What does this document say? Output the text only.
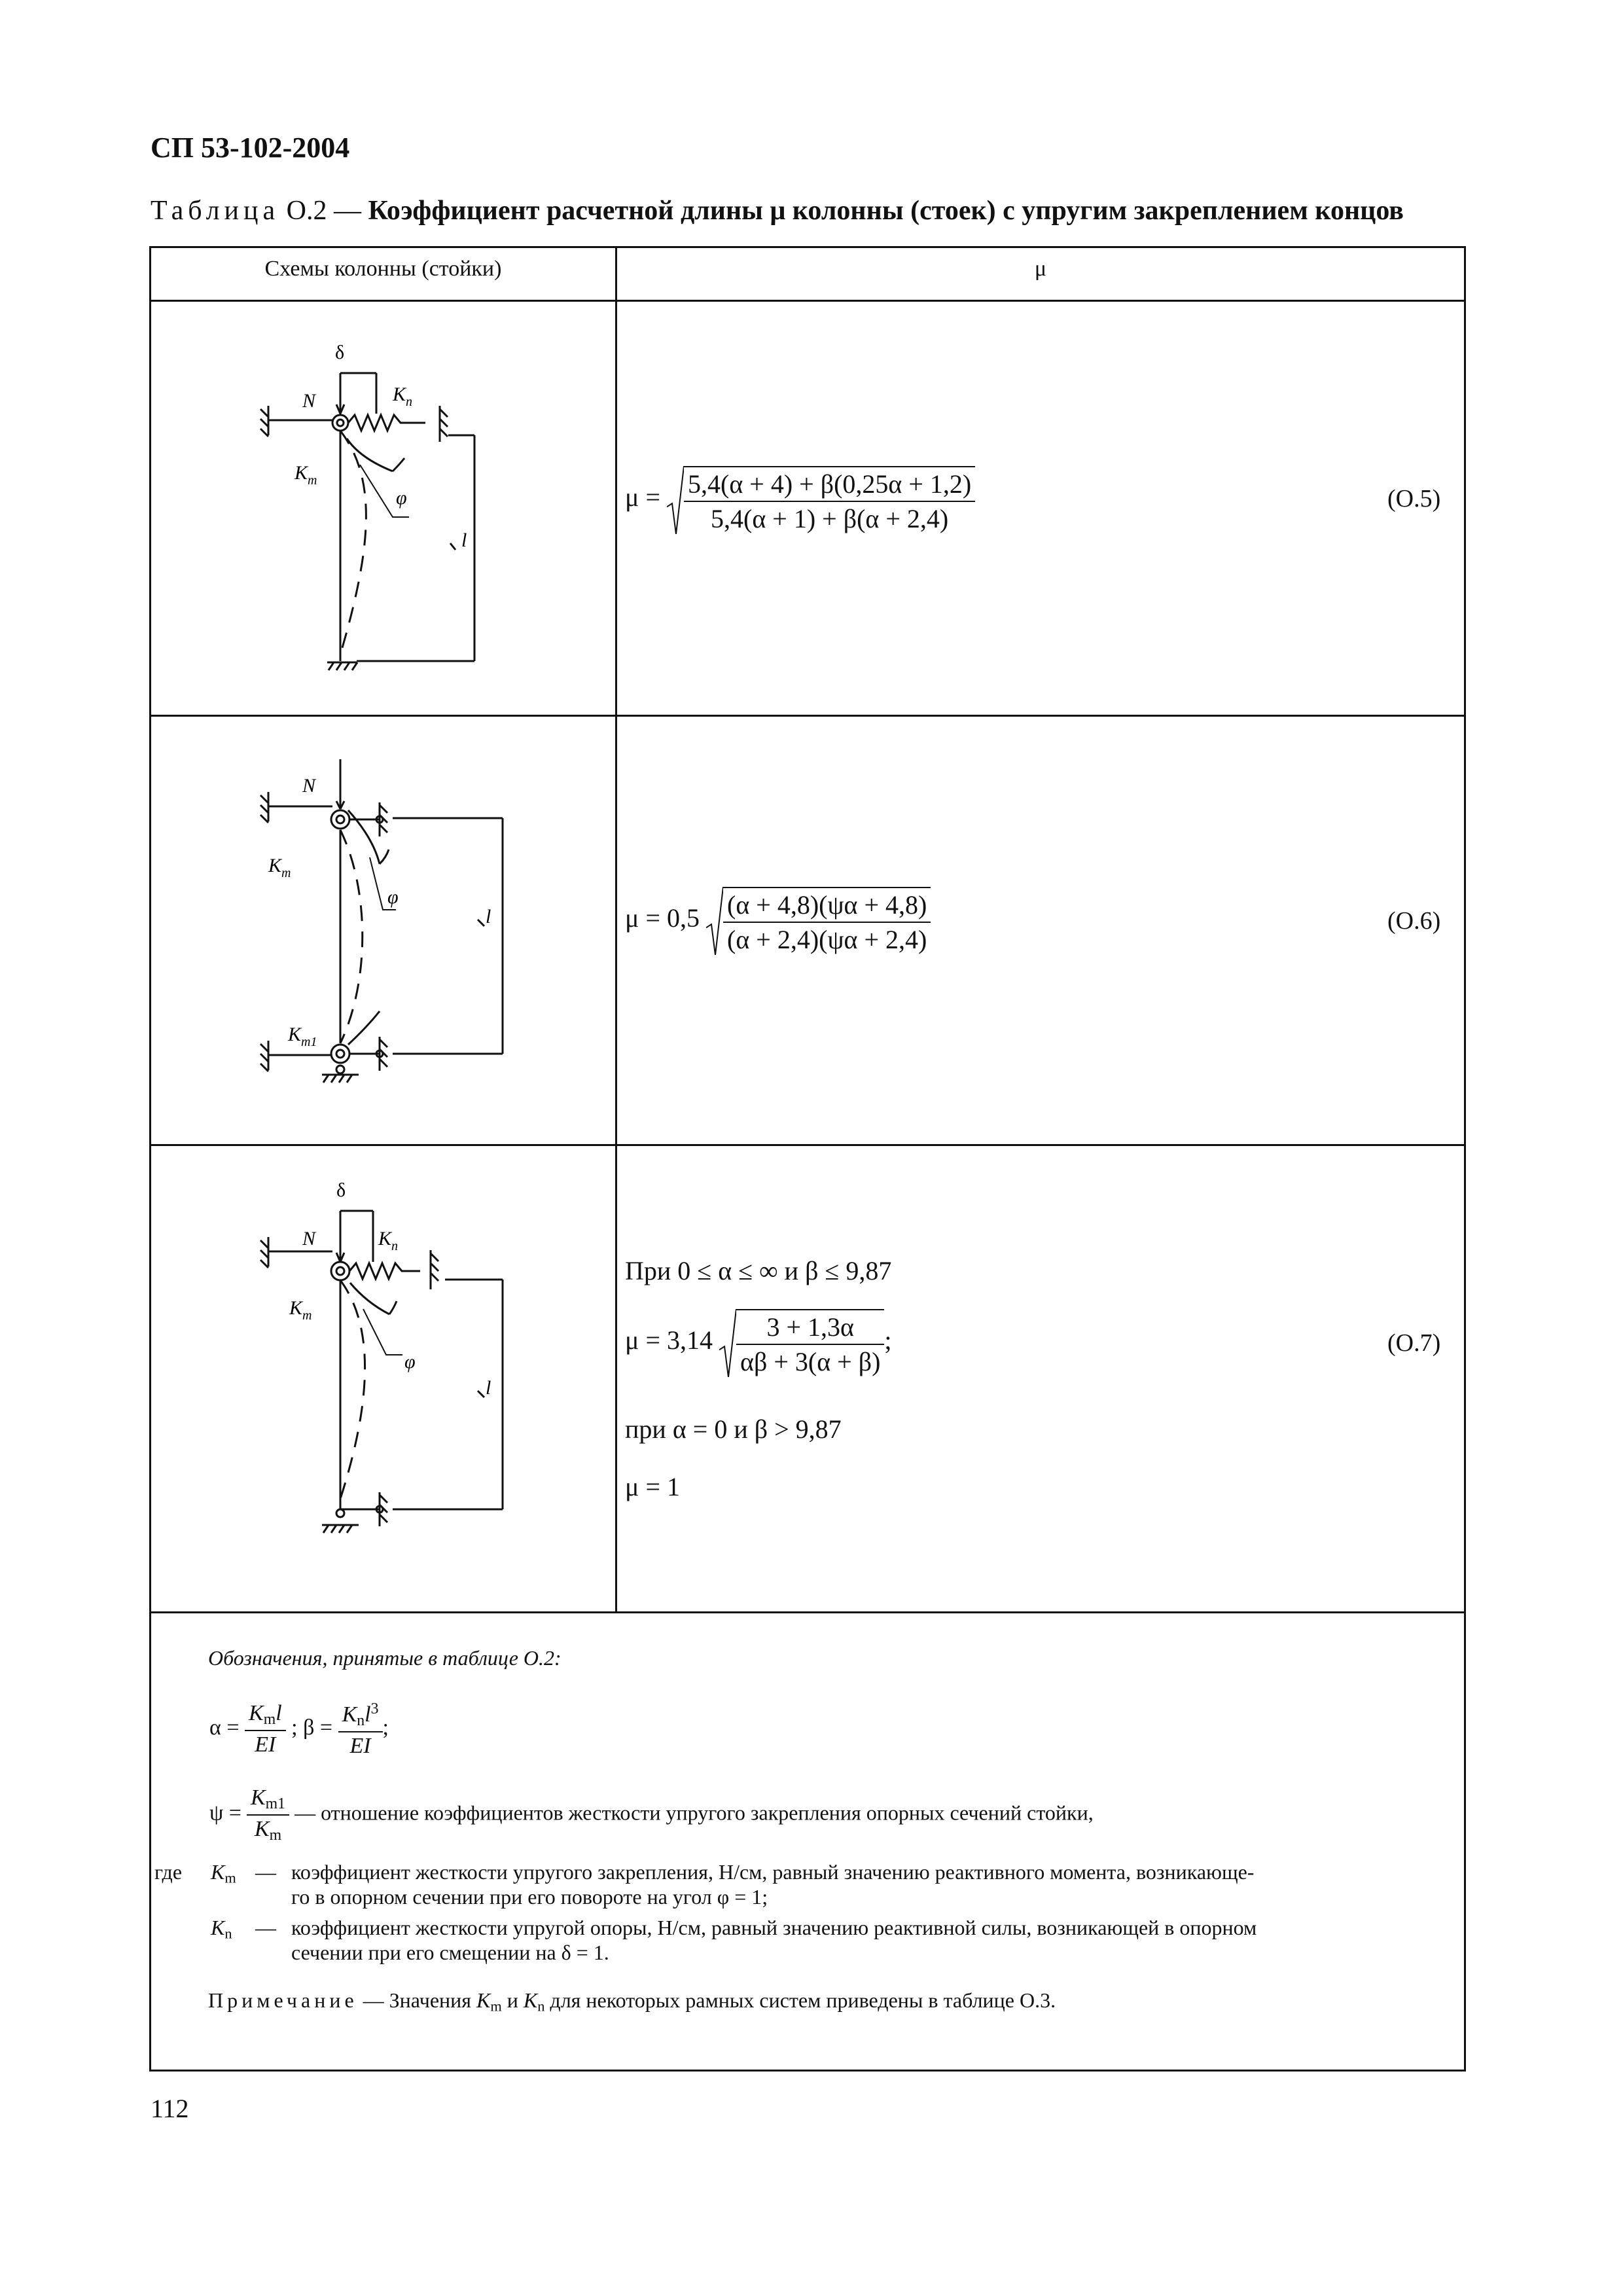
СП 53-102-2004
Таблица О.2 — Коэффициент расчетной длины μ колонны (стоек) с упругим закреплением концов
Схемы колонны (стойки)	μ
δ
N	$K_n$
$K_m$
φ
l
$\mu = \frac{5,4(\alpha + 4) + \beta(0,25\alpha + 1,2)}{5,4(\alpha + 1) + \beta(\alpha + 2,4)}$	(О.5)
N
$K_m$
φ
$K_{m1}$
l	$\mu = 0,5 \frac{(\alpha + 4,8)(\psi\alpha + 4,8)}{(\alpha + 2,4)(\psi\alpha + 2,4)}$	(О.6)
δ
N	$K_n$
$K_m$
φ
l
При 0 ≤ α ≤ ∞ и β ≤ 9,87
$\mu = 3,14 \frac{3 + 1,3\alpha}{\alpha\beta + 3(\alpha + \beta)}$ ;	(О.7)
при α = 0 и β > 9,87
μ = 1
Обозначения, принятые в таблице О.2:
$\alpha = \frac{K_ml}{EI}$ ; $\beta = \frac{K_nl^3}{EI}$ ;
$\psi = \frac{K_{m1}}{K_m}$ — отношение коэффициентов жесткости упругого закрепления опорных сечений стойки,
где $K_m$ — коэффициент жесткости упругого закрепления, Н/см, равный значению реактивного момента, возникающе-
го в опорном сечении при его повороте на угол φ = 1;
$K_n$ — коэффициент жесткости упругой опоры, Н/см, равный значению реактивной силы, возникающей в опорном
сечении при его смещении на δ = 1.
Примечание — Значения $K_m$ и $K_n$ для некоторых рамных систем приведены в таблице О.3.
112
